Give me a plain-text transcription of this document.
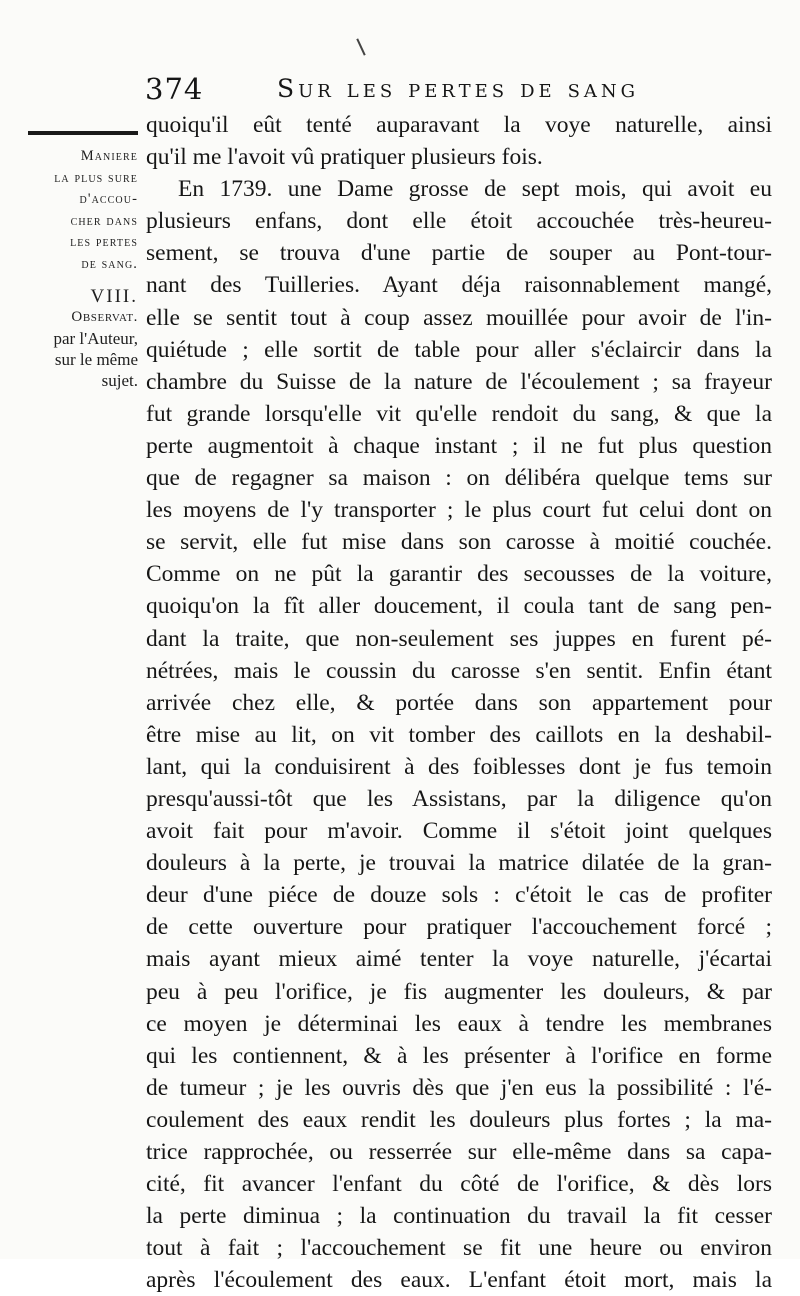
374	Sur les pertes de sang
Maniere
la plus sure
d'accou-
cher dans
les pertes
de sang.
VIII.
Observat.
par l'Auteur,
sur le même
sujet.
quoiqu'il eût tenté auparavant la voye naturelle, ainsi
qu'il me l'avoit vû pratiquer plusieurs fois.
En 1739. une Dame grosse de sept mois, qui avoit eu
plusieurs enfans, dont elle étoit accouchée très-heureu-
sement, se trouva d'une partie de souper au Pont-tour-
nant des Tuilleries. Ayant déja raisonnablement mangé,
elle se sentit tout à coup assez mouillée pour avoir de l'in-
quiétude ; elle sortit de table pour aller s'éclaircir dans la
chambre du Suisse de la nature de l'écoulement ; sa frayeur
fut grande lorsqu'elle vit qu'elle rendoit du sang, & que la
perte augmentoit à chaque instant ; il ne fut plus question
que de regagner sa maison : on délibéra quelque tems sur
les moyens de l'y transporter ; le plus court fut celui dont on
se servit, elle fut mise dans son carosse à moitié couchée.
Comme on ne pût la garantir des secousses de la voiture,
quoiqu'on la fît aller doucement, il coula tant de sang pen-
dant la traite, que non-seulement ses juppes en furent pé-
nétrées, mais le coussin du carosse s'en sentit. Enfin étant
arrivée chez elle, & portée dans son appartement pour
être mise au lit, on vit tomber des caillots en la deshabil-
lant, qui la conduisirent à des foiblesses dont je fus temoin
presqu'aussi-tôt que les Assistans, par la diligence qu'on
avoit fait pour m'avoir. Comme il s'étoit joint quelques
douleurs à la perte, je trouvai la matrice dilatée de la gran-
deur d'une piéce de douze sols : c'étoit le cas de profiter
de cette ouverture pour pratiquer l'accouchement forcé ;
mais ayant mieux aimé tenter la voye naturelle, j'écartai
peu à peu l'orifice, je fis augmenter les douleurs, & par
ce moyen je déterminai les eaux à tendre les membranes
qui les contiennent, & à les présenter à l'orifice en forme
de tumeur ; je les ouvris dès que j'en eus la possibilité : l'é-
coulement des eaux rendit les douleurs plus fortes ; la ma-
trice rapprochée, ou resserrée sur elle-même dans sa capa-
cité, fit avancer l'enfant du côté de l'orifice, & dès lors
la perte diminua ; la continuation du travail la fit cesser
tout à fait ; l'accouchement se fit une heure ou environ
après l'écoulement des eaux. L'enfant étoit mort, mais la
